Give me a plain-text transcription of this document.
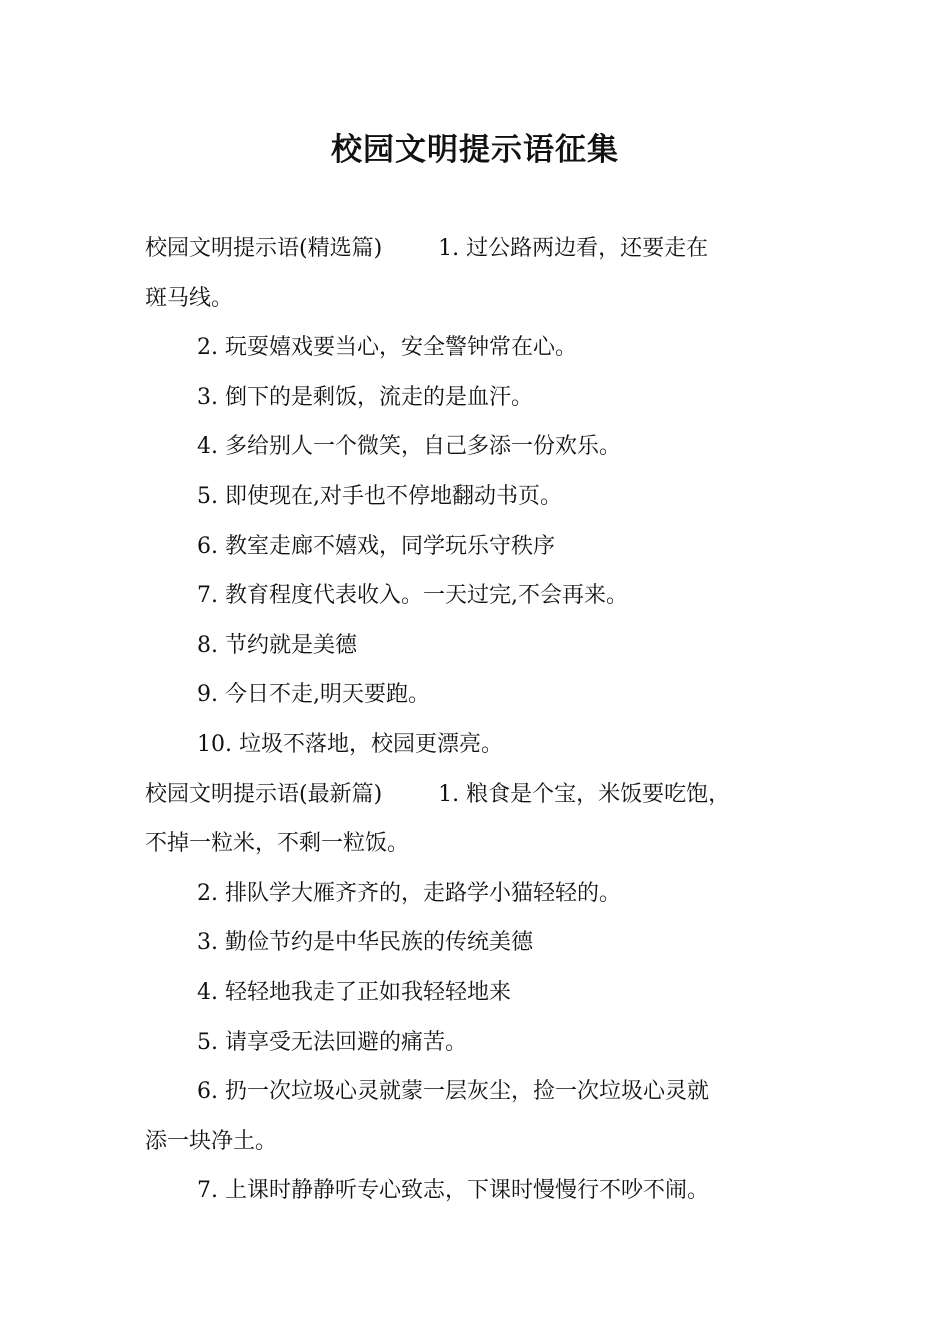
校园文明提示语征集
校园文明提示语(精选篇)	1. 过公路两边看，还要走在
斑马线。
2. 玩耍嬉戏要当心，安全警钟常在心。
3. 倒下的是剩饭，流走的是血汗。
4. 多给别人一个微笑，自己多添一份欢乐。
5. 即使现在,对手也不停地翻动书页。
6. 教室走廊不嬉戏，同学玩乐守秩序
7. 教育程度代表收入。一天过完,不会再来。
8. 节约就是美德
9. 今日不走,明天要跑。
10. 垃圾不落地，校园更漂亮。
校园文明提示语(最新篇)	1. 粮食是个宝，米饭要吃饱，
不掉一粒米，不剩一粒饭。
2. 排队学大雁齐齐的，走路学小猫轻轻的。
3. 勤俭节约是中华民族的传统美德
4. 轻轻地我走了正如我轻轻地来
5. 请享受无法回避的痛苦。
6. 扔一次垃圾心灵就蒙一层灰尘，捡一次垃圾心灵就
添一块净土。
7. 上课时静静听专心致志，下课时慢慢行不吵不闹。
